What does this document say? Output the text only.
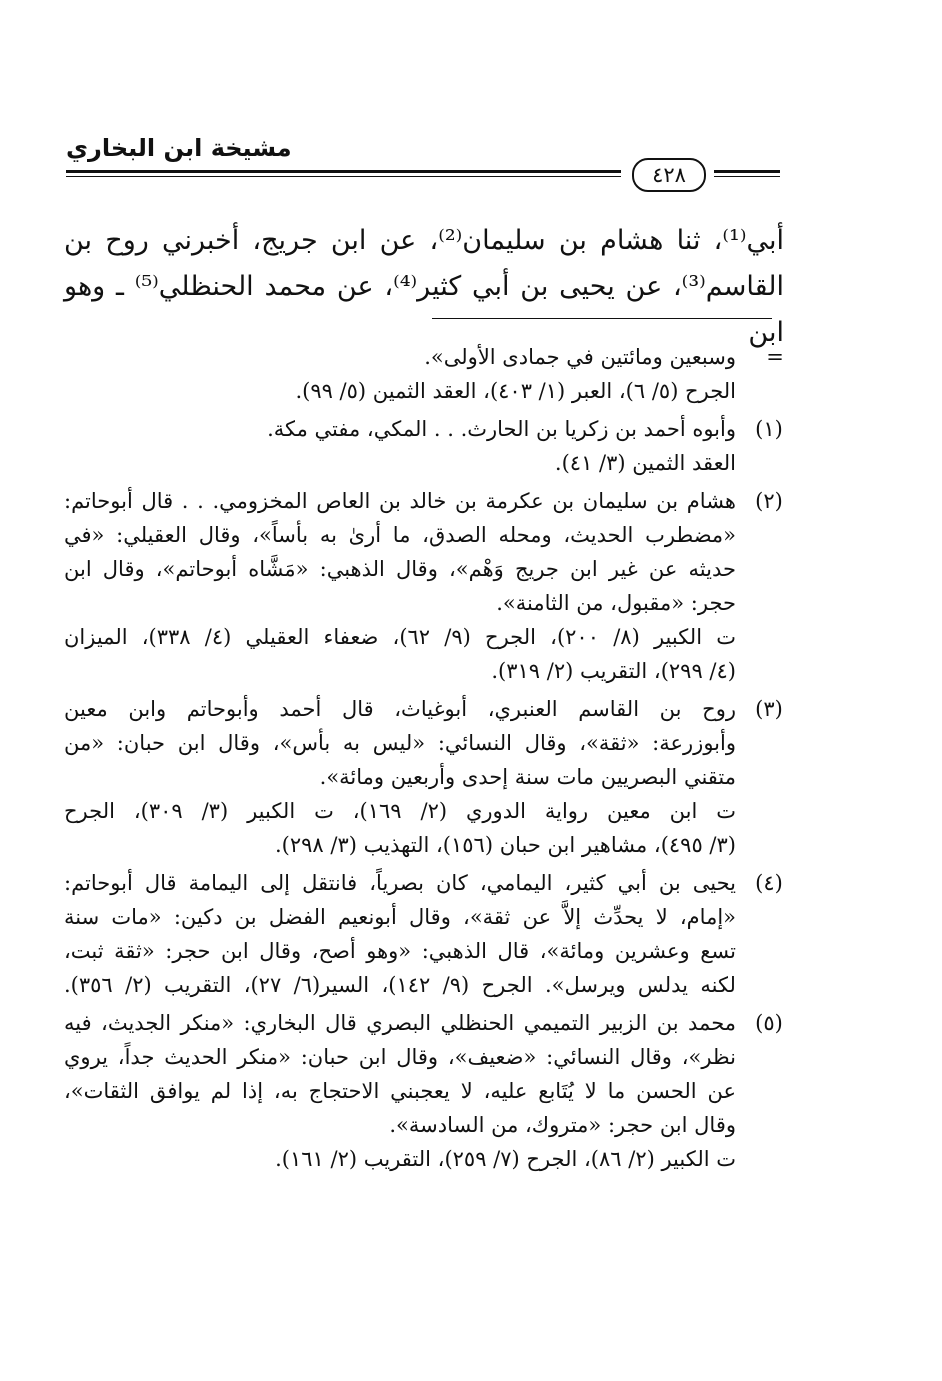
مشيخة ابن البخاري
٤٢٨

أبي⁽¹⁾، ثنا هشام بن سليمان⁽²⁾، عن ابن جريج، أخبرني روح بن

القاسم⁽³⁾، عن يحيى بن أبي كثير⁽⁴⁾، عن محمد الحنظلي⁽⁵⁾ ـ وهو ابن

=
وسبعين ومائتين في جمادى الأولى».
الجرح (٥/ ٦)، العبر (١/ ٤٠٣)، العقد الثمين (٥/ ٩٩).
(١)
وأبوه أحمد بن زكريا بن الحارث. . . المكي، مفتي مكة.
العقد الثمين (٣/ ٤١).
(٢)
هشام بن سليمان بن عكرمة بن خالد بن العاص المخزومي. . . قال أبوحاتم:
«مضطرب الحديث، ومحله الصدق، ما أرىٰ به بأساً»، وقال العقيلي: «في
حديثه عن غير ابن جريج وَهْم»، وقال الذهبي: «مَشَّاه أبوحاتم»، وقال ابن
حجر: «مقبول، من الثامنة».
ت الكبير (٨/ ٢٠٠)، الجرح (٩/ ٦٢)، ضعفاء العقيلي (٤/ ٣٣٨)، الميزان
(٤/ ٢٩٩)، التقريب (٢/ ٣١٩).
(٣)
روح بن القاسم العنبري، أبوغياث، قال أحمد وأبوحاتم وابن معين
وأبوزرعة: «ثقة»، وقال النسائي: «ليس به بأس»، وقال ابن حبان: «من
متقني البصريين مات سنة إحدى وأربعين ومائة».
ت ابن معين رواية الدوري (٢/ ١٦٩)، ت الكبير (٣/ ٣٠٩)، الجرح
(٣/ ٤٩٥)، مشاهير ابن حبان (١٥٦)، التهذيب (٣/ ٢٩٨).
(٤)
يحيى بن أبي كثير، اليمامي، كان بصرياً، فانتقل إلى اليمامة قال أبوحاتم:
«إمام، لا يحدِّث إلاَّ عن ثقة»، وقال أبونعيم الفضل بن دكين: «مات سنة
تسع وعشرين ومائة»، قال الذهبي: «وهو أصح، وقال ابن حجر: «ثقة ثبت،
لكنه يدلس ويرسل». الجرح (٩/ ١٤٢)، السير(٦/ ٢٧)، التقريب (٢/ ٣٥٦).
(٥)
محمد بن الزبير التميمي الحنظلي البصري قال البخاري: «منكر الجديث، فيه
نظر»، وقال النسائي: «ضعيف»، وقال ابن حبان: «منكر الحديث جداً، يروي
عن الحسن ما لا يُتَابع عليه، لا يعجبني الاحتجاج به، إذا لم يوافق الثقات»،
وقال ابن حجر: «متروك، من السادسة».
ت الكبير (٢/ ٨٦)، الجرح (٧/ ٢٥٩)، التقريب (٢/ ١٦١).
